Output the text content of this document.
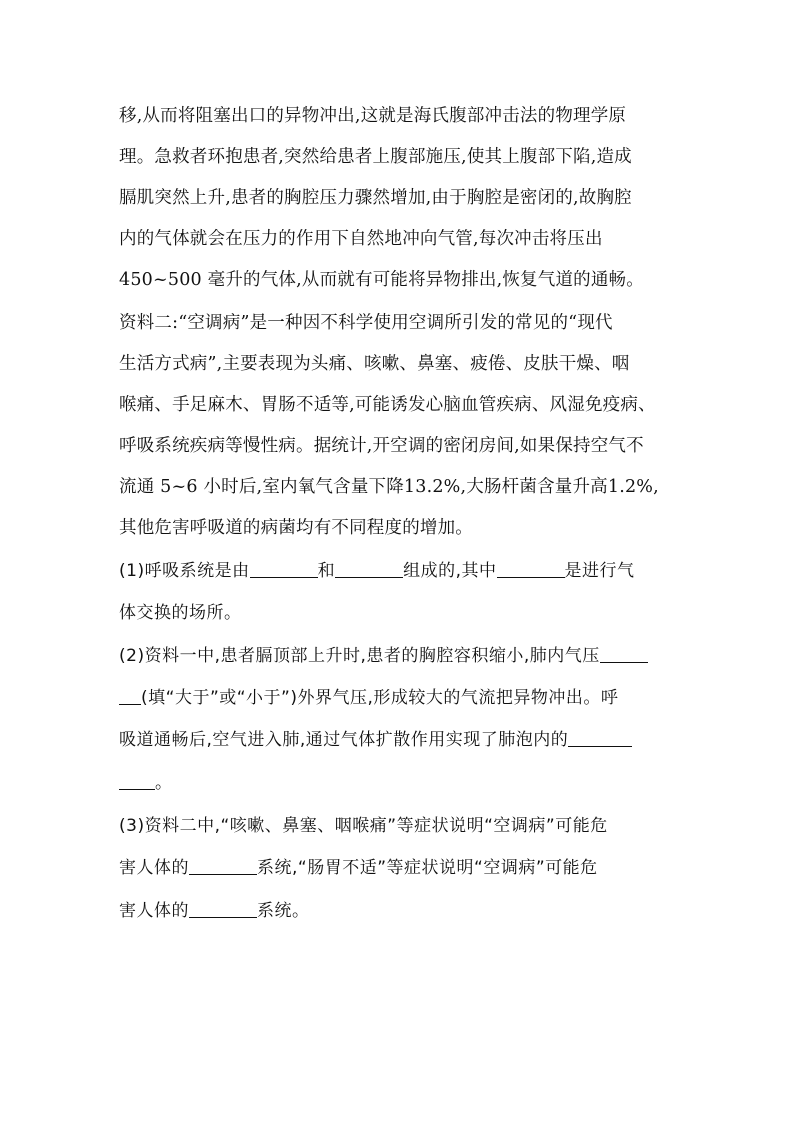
移,从而将阻塞出口的异物冲出,这就是海氏腹部冲击法的物理学原
理。急救者环抱患者,突然给患者上腹部施压,使其上腹部下陷,造成
膈肌突然上升,患者的胸腔压力骤然增加,由于胸腔是密闭的,故胸腔
内的气体就会在压力的作用下自然地冲向气管,每次冲击将压出
450~500 毫升的气体,从而就有可能将异物排出,恢复气道的通畅。
资料二:“空调病”是一种因不科学使用空调所引发的常见的“现代
生活方式病”,主要表现为头痛、咳嗽、鼻塞、疲倦、皮肤干燥、咽
喉痛、手足麻木、胃肠不适等,可能诱发心脑血管疾病、风湿免疫病、
呼吸系统疾病等慢性病。据统计,开空调的密闭房间,如果保持空气不
流通 5~6 小时后,室内氧气含量下降13.2%,大肠杆菌含量升高1.2%,
其他危害呼吸道的病菌均有不同程度的增加。
(1)呼吸系统是由	和	组成的,其中	是进行气
体交换的场所。
(2)资料一中,患者膈顶部上升时,患者的胸腔容积缩小,肺内气压
(填“大于”或“小于”)外界气压,形成较大的气流把异物冲出。呼
吸道通畅后,空气进入肺,通过气体扩散作用实现了肺泡内的
。
(3)资料二中,“咳嗽、鼻塞、咽喉痛”等症状说明“空调病”可能危
害人体的	系统,“肠胃不适”等症状说明“空调病”可能危
害人体的	系统。
